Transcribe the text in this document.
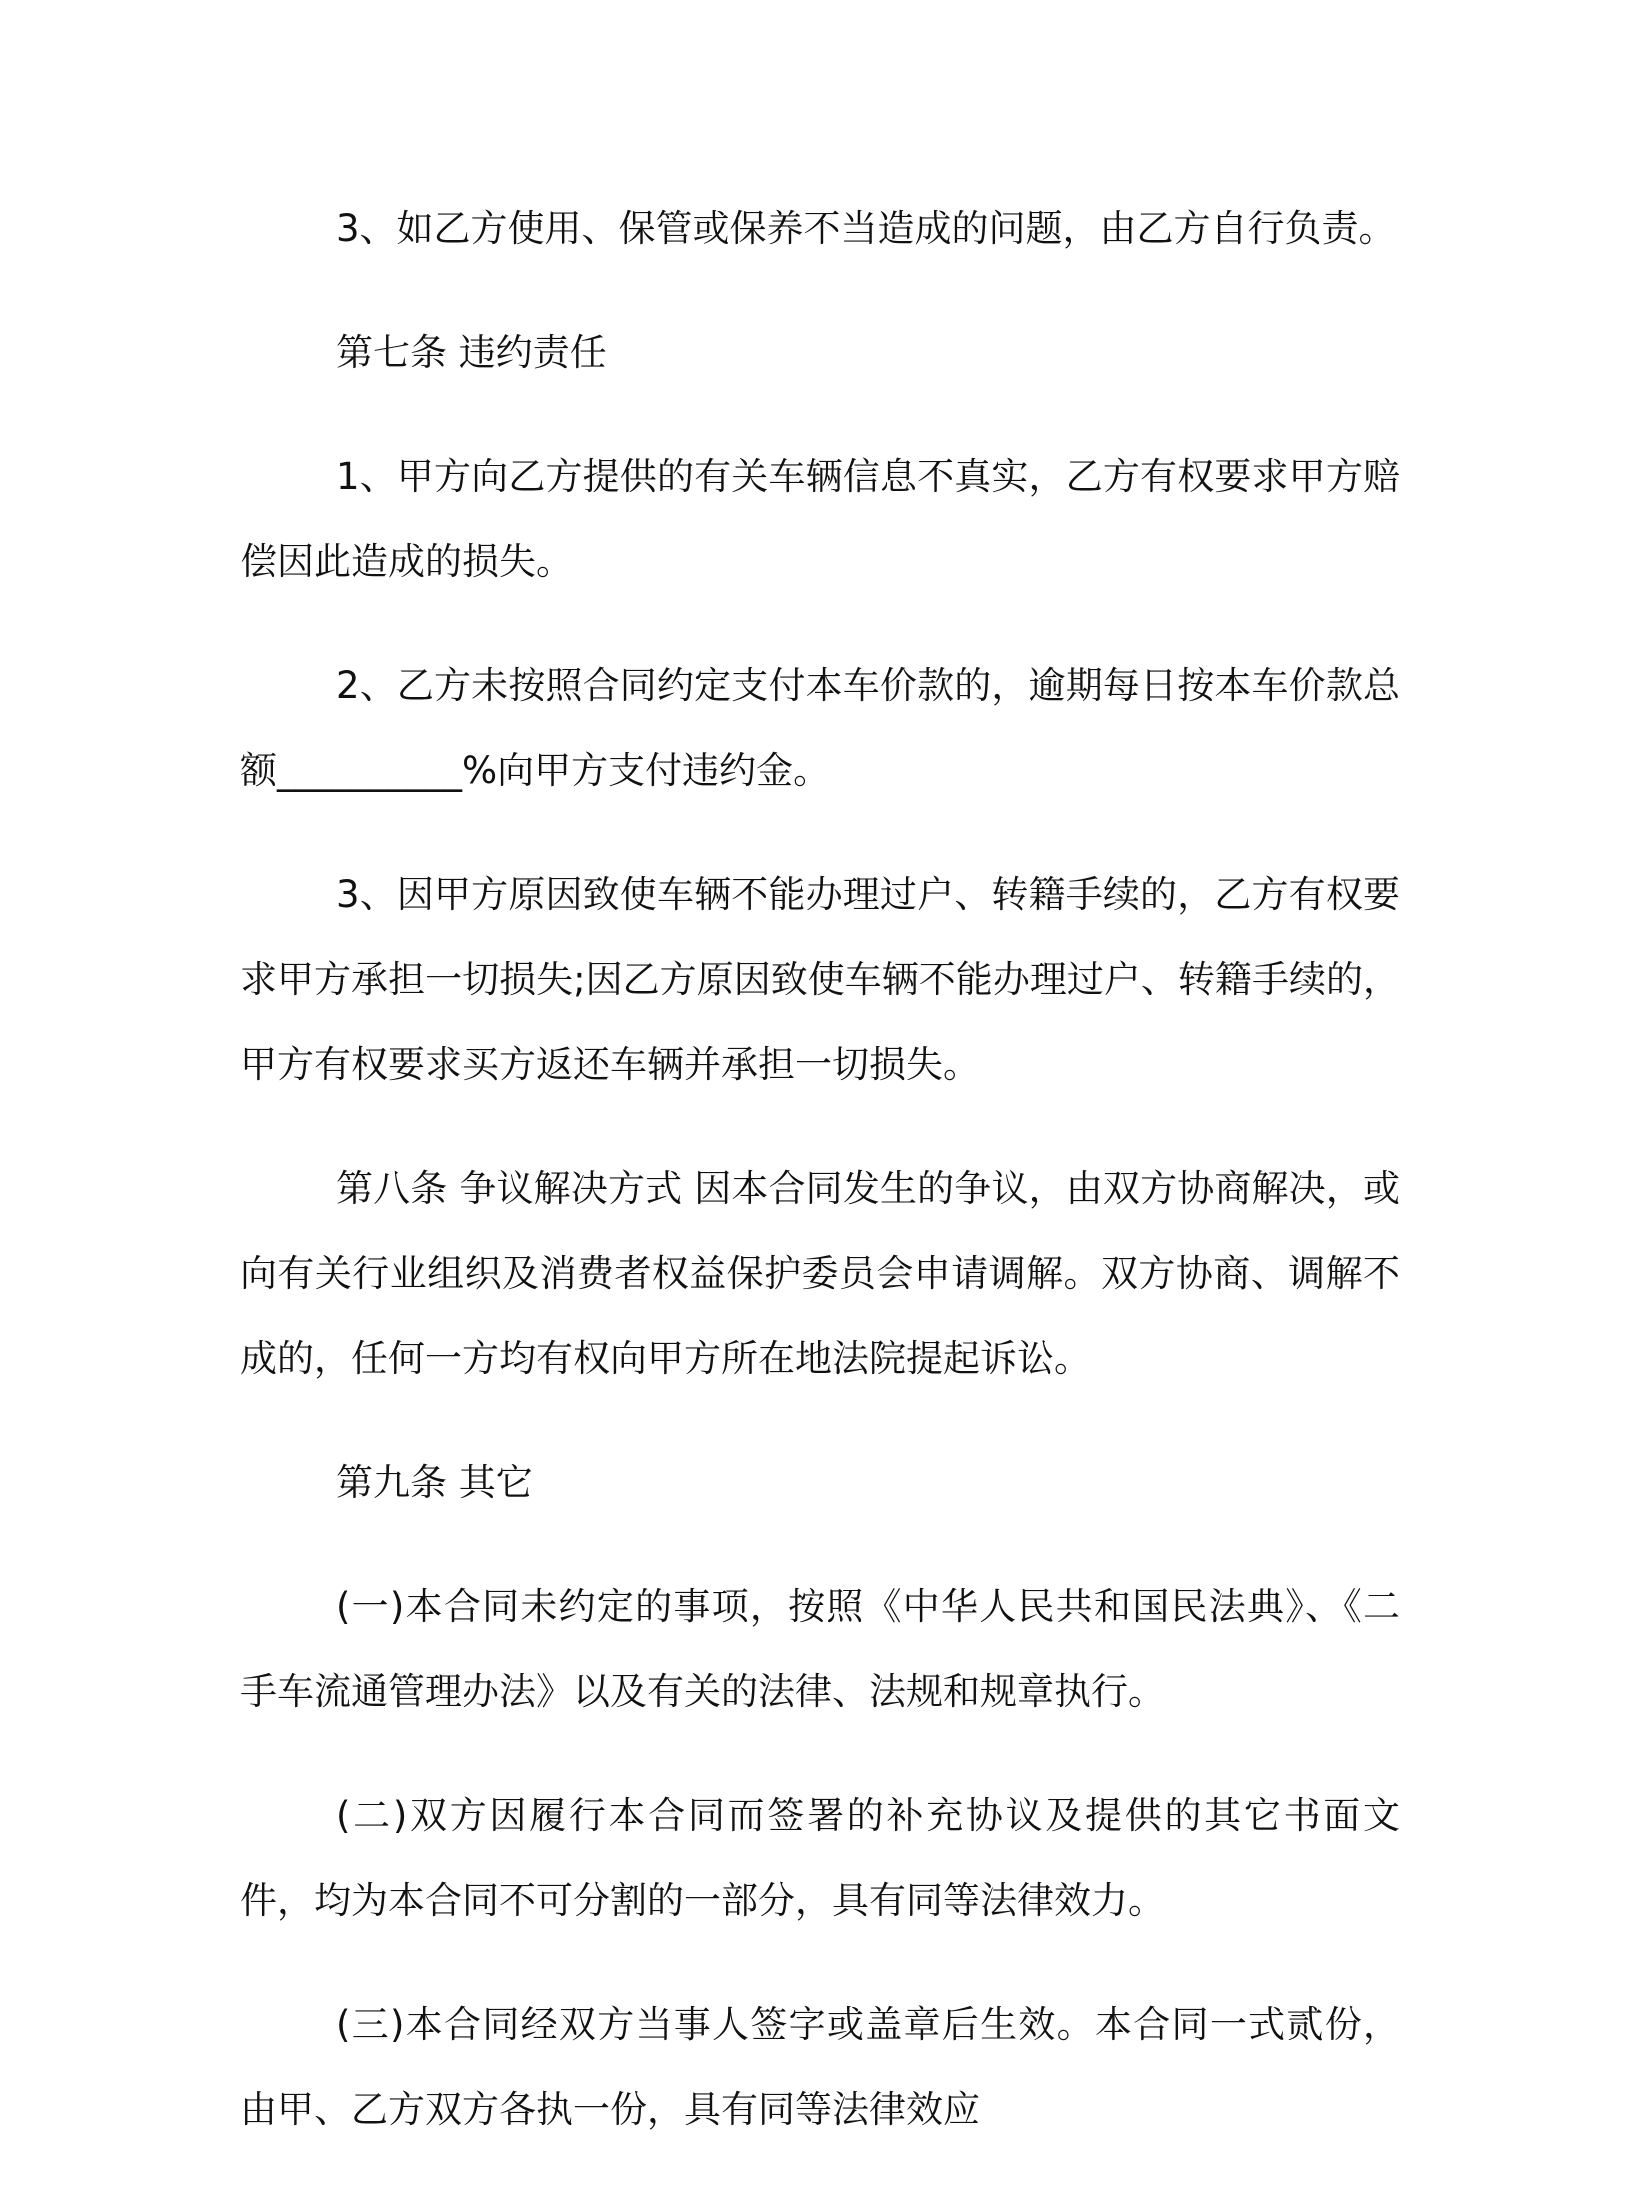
3、如乙方使用、保管或保养不当造成的问题，由乙方自行负责。

第七条 违约责任

1、甲方向乙方提供的有关车辆信息不真实，乙方有权要求甲方赔偿因此造成的损失。

2、乙方未按照合同约定支付本车价款的，逾期每日按本车价款总额__________%向甲方支付违约金。

3、因甲方原因致使车辆不能办理过户、转籍手续的，乙方有权要求甲方承担一切损失;因乙方原因致使车辆不能办理过户、转籍手续的，甲方有权要求买方返还车辆并承担一切损失。

第八条 争议解决方式 因本合同发生的争议，由双方协商解决，或向有关行业组织及消费者权益保护委员会申请调解。双方协商、调解不成的，任何一方均有权向甲方所在地法院提起诉讼。

第九条 其它

(一)本合同未约定的事项，按照《中华人民共和国民法典》、《二手车流通管理办法》以及有关的法律、法规和规章执行。

(二)双方因履行本合同而签署的补充协议及提供的其它书面文件，均为本合同不可分割的一部分，具有同等法律效力。

(三)本合同经双方当事人签字或盖章后生效。本合同一式贰份，由甲、乙方双方各执一份，具有同等法律效应
